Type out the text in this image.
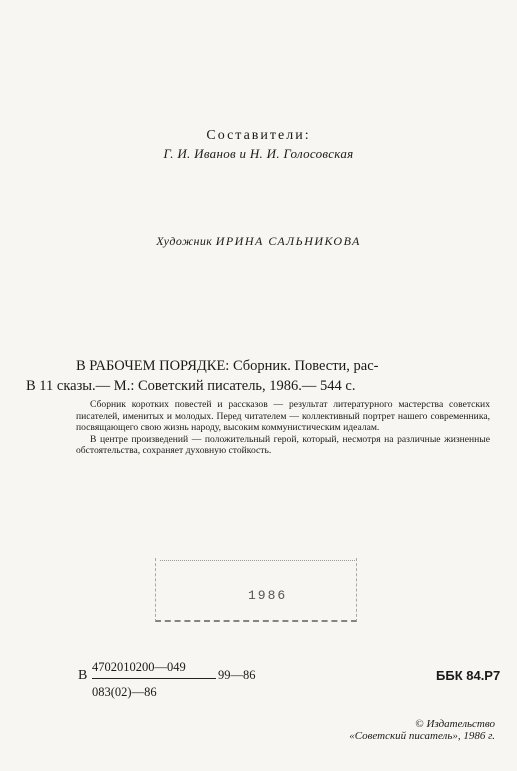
Составители:
Г. И. Иванов и Н. И. Голосовская
Художник ИРИНА САЛЬНИКОВА
В РАБОЧЕМ ПОРЯДКЕ: Сборник. Повести, рас-
В 11 сказы.— М.: Советский писатель, 1986.— 544 с.

Сборник коротких повестей и рассказов — результат литературного мастерства советских писателей, именитых и молодых. Перед читателем — коллективный портрет нашего современника, посвящающего свою жизнь народу, высоким коммунистическим идеалам.

В центре произведений — положительный герой, который, несмотря на различные жизненные обстоятельства, сохраняет духовную стойкость.

1986
В
4702010200—049
083(02)—86
99—86	ББК 84.Р7
© Издательство
«Советский писатель», 1986 г.
